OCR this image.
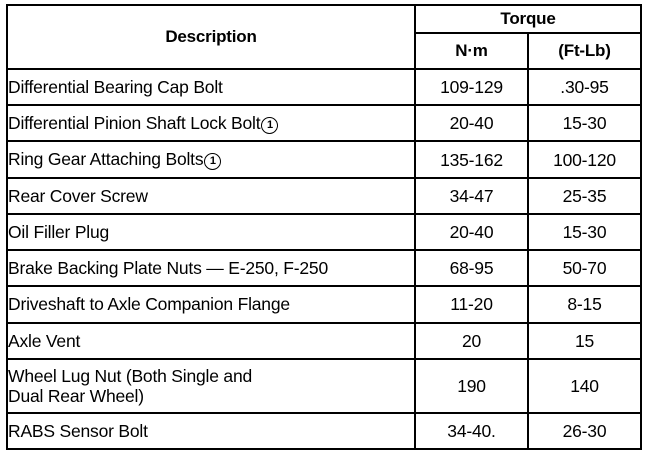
Description	Torque	
	N·m	(Ft-Lb)
Differential Bearing Cap Bolt	109-129	.30-95
Differential Pinion Shaft Lock Bolt 1	20-40	15-30
Ring Gear Attaching Bolts 1	135-162	100-120
Rear Cover Screw	34-47	25-35
Oil Filler Plug	20-40	15-30
Brake Backing Plate Nuts — E-250, F-250	68-95	50-70
Driveshaft to Axle Companion Flange	11-20	8-15
Axle Vent	20	15
Wheel Lug Nut (Both Single and
Dual Rear Wheel)	190	140
RABS Sensor Bolt	34-40.	26-30
